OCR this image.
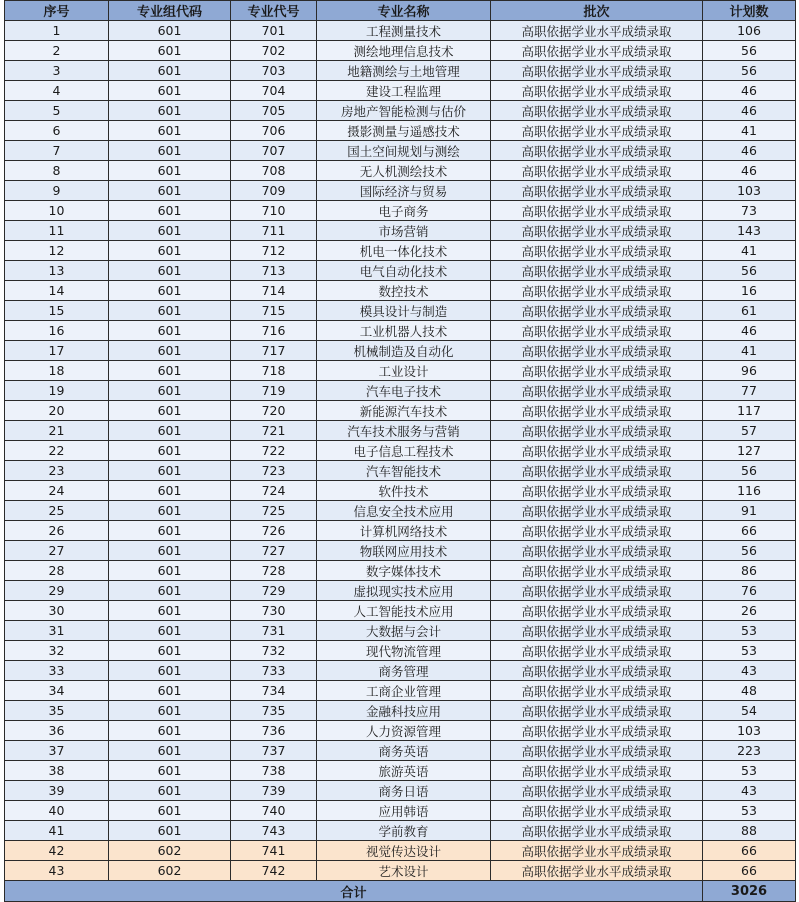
序号	专业组代码	专业代号	专业名称	批次	计划数
1	601	701	工程测量技术	高职依据学业水平成绩录取	106
2	601	702	测绘地理信息技术	高职依据学业水平成绩录取	56
3	601	703	地籍测绘与土地管理	高职依据学业水平成绩录取	56
4	601	704	建设工程监理	高职依据学业水平成绩录取	46
5	601	705	房地产智能检测与估价	高职依据学业水平成绩录取	46
6	601	706	摄影测量与遥感技术	高职依据学业水平成绩录取	41
7	601	707	国土空间规划与测绘	高职依据学业水平成绩录取	46
8	601	708	无人机测绘技术	高职依据学业水平成绩录取	46
9	601	709	国际经济与贸易	高职依据学业水平成绩录取	103
10	601	710	电子商务	高职依据学业水平成绩录取	73
11	601	711	市场营销	高职依据学业水平成绩录取	143
12	601	712	机电一体化技术	高职依据学业水平成绩录取	41
13	601	713	电气自动化技术	高职依据学业水平成绩录取	56
14	601	714	数控技术	高职依据学业水平成绩录取	16
15	601	715	模具设计与制造	高职依据学业水平成绩录取	61
16	601	716	工业机器人技术	高职依据学业水平成绩录取	46
17	601	717	机械制造及自动化	高职依据学业水平成绩录取	41
18	601	718	工业设计	高职依据学业水平成绩录取	96
19	601	719	汽车电子技术	高职依据学业水平成绩录取	77
20	601	720	新能源汽车技术	高职依据学业水平成绩录取	117
21	601	721	汽车技术服务与营销	高职依据学业水平成绩录取	57
22	601	722	电子信息工程技术	高职依据学业水平成绩录取	127
23	601	723	汽车智能技术	高职依据学业水平成绩录取	56
24	601	724	软件技术	高职依据学业水平成绩录取	116
25	601	725	信息安全技术应用	高职依据学业水平成绩录取	91
26	601	726	计算机网络技术	高职依据学业水平成绩录取	66
27	601	727	物联网应用技术	高职依据学业水平成绩录取	56
28	601	728	数字媒体技术	高职依据学业水平成绩录取	86
29	601	729	虚拟现实技术应用	高职依据学业水平成绩录取	76
30	601	730	人工智能技术应用	高职依据学业水平成绩录取	26
31	601	731	大数据与会计	高职依据学业水平成绩录取	53
32	601	732	现代物流管理	高职依据学业水平成绩录取	53
33	601	733	商务管理	高职依据学业水平成绩录取	43
34	601	734	工商企业管理	高职依据学业水平成绩录取	48
35	601	735	金融科技应用	高职依据学业水平成绩录取	54
36	601	736	人力资源管理	高职依据学业水平成绩录取	103
37	601	737	商务英语	高职依据学业水平成绩录取	223
38	601	738	旅游英语	高职依据学业水平成绩录取	53
39	601	739	商务日语	高职依据学业水平成绩录取	43
40	601	740	应用韩语	高职依据学业水平成绩录取	53
41	601	743	学前教育	高职依据学业水平成绩录取	88
42	602	741	视觉传达设计	高职依据学业水平成绩录取	66
43	602	742	艺术设计	高职依据学业水平成绩录取	66
合计					3026
